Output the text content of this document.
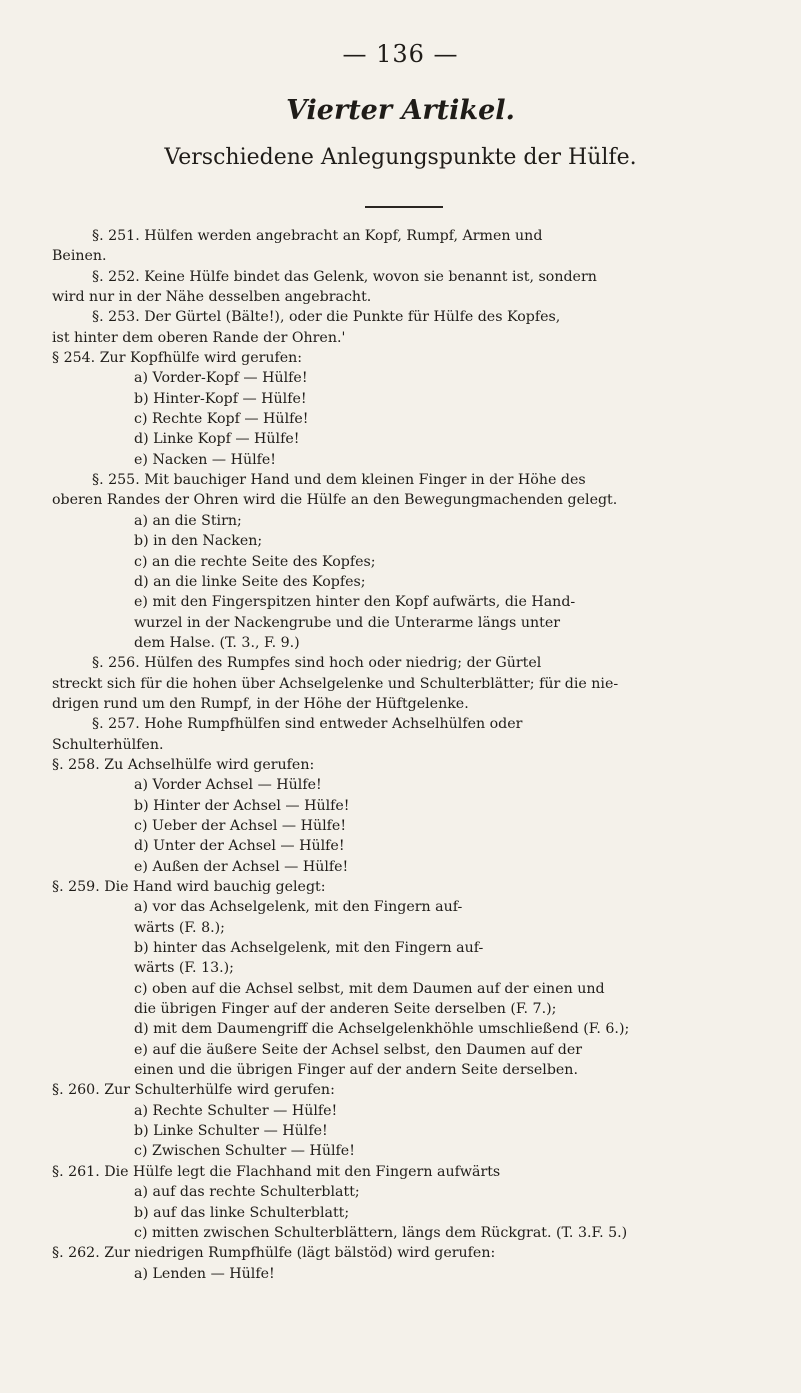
— 136 —
Vierter Artikel.
Verschiedene Anlegungspunkte der Hülfe.
§. 251. Hülfen werden angebracht an Kopf, Rumpf, Armen und
Beinen.
§. 252. Keine Hülfe bindet das Gelenk, wovon sie benannt ist, sondern
wird nur in der Nähe desselben angebracht.
§. 253. Der Gürtel (Bälte!), oder die Punkte für Hülfe des Kopfes,
ist hinter dem oberen Rande der Ohren.'
§ 254. Zur Kopfhülfe wird gerufen:
a) Vorder-Kopf — Hülfe!
b) Hinter-Kopf — Hülfe!
c) Rechte Kopf — Hülfe!
d) Linke Kopf — Hülfe!
e) Nacken — Hülfe!
§. 255. Mit bauchiger Hand und dem kleinen Finger in der Höhe des
oberen Randes der Ohren wird die Hülfe an den Bewegungmachenden gelegt.
a) an die Stirn;
b) in den Nacken;
c) an die rechte Seite des Kopfes;
d) an die linke Seite des Kopfes;
e) mit den Fingerspitzen hinter den Kopf aufwärts, die Hand-
wurzel in der Nackengrube und die Unterarme längs unter
dem Halse. (T. 3., F. 9.)
§. 256. Hülfen des Rumpfes sind hoch oder niedrig; der Gürtel
streckt sich für die hohen über Achselgelenke und Schulterblätter; für die nie-
drigen rund um den Rumpf, in der Höhe der Hüftgelenke.
§. 257. Hohe Rumpfhülfen sind entweder Achselhülfen oder
Schulterhülfen.
§. 258. Zu Achselhülfe wird gerufen:
a) Vorder Achsel — Hülfe!
b) Hinter der Achsel — Hülfe!
c) Ueber der Achsel — Hülfe!
d) Unter der Achsel — Hülfe!
e) Außen der Achsel — Hülfe!
§. 259. Die Hand wird bauchig gelegt:
a) vor das Achselgelenk, mit den Fingern auf-
wärts (F. 8.);
b) hinter das Achselgelenk, mit den Fingern auf-
wärts (F. 13.);
c) oben auf die Achsel selbst, mit dem Daumen auf der einen und
die übrigen Finger auf der anderen Seite derselben (F. 7.);
d) mit dem Daumengriff die Achselgelenkhöhle umschließend (F. 6.);
e) auf die äußere Seite der Achsel selbst, den Daumen auf der
einen und die übrigen Finger auf der andern Seite derselben.
§. 260. Zur Schulterhülfe wird gerufen:
a) Rechte Schulter — Hülfe!
b) Linke Schulter — Hülfe!
c) Zwischen Schulter — Hülfe!
§. 261. Die Hülfe legt die Flachhand mit den Fingern aufwärts
a) auf das rechte Schulterblatt;
b) auf das linke Schulterblatt;
c) mitten zwischen Schulterblättern, längs dem Rückgrat. (T. 3.F. 5.)
§. 262. Zur niedrigen Rumpfhülfe (lägt bälstöd) wird gerufen:
a) Lenden — Hülfe!
